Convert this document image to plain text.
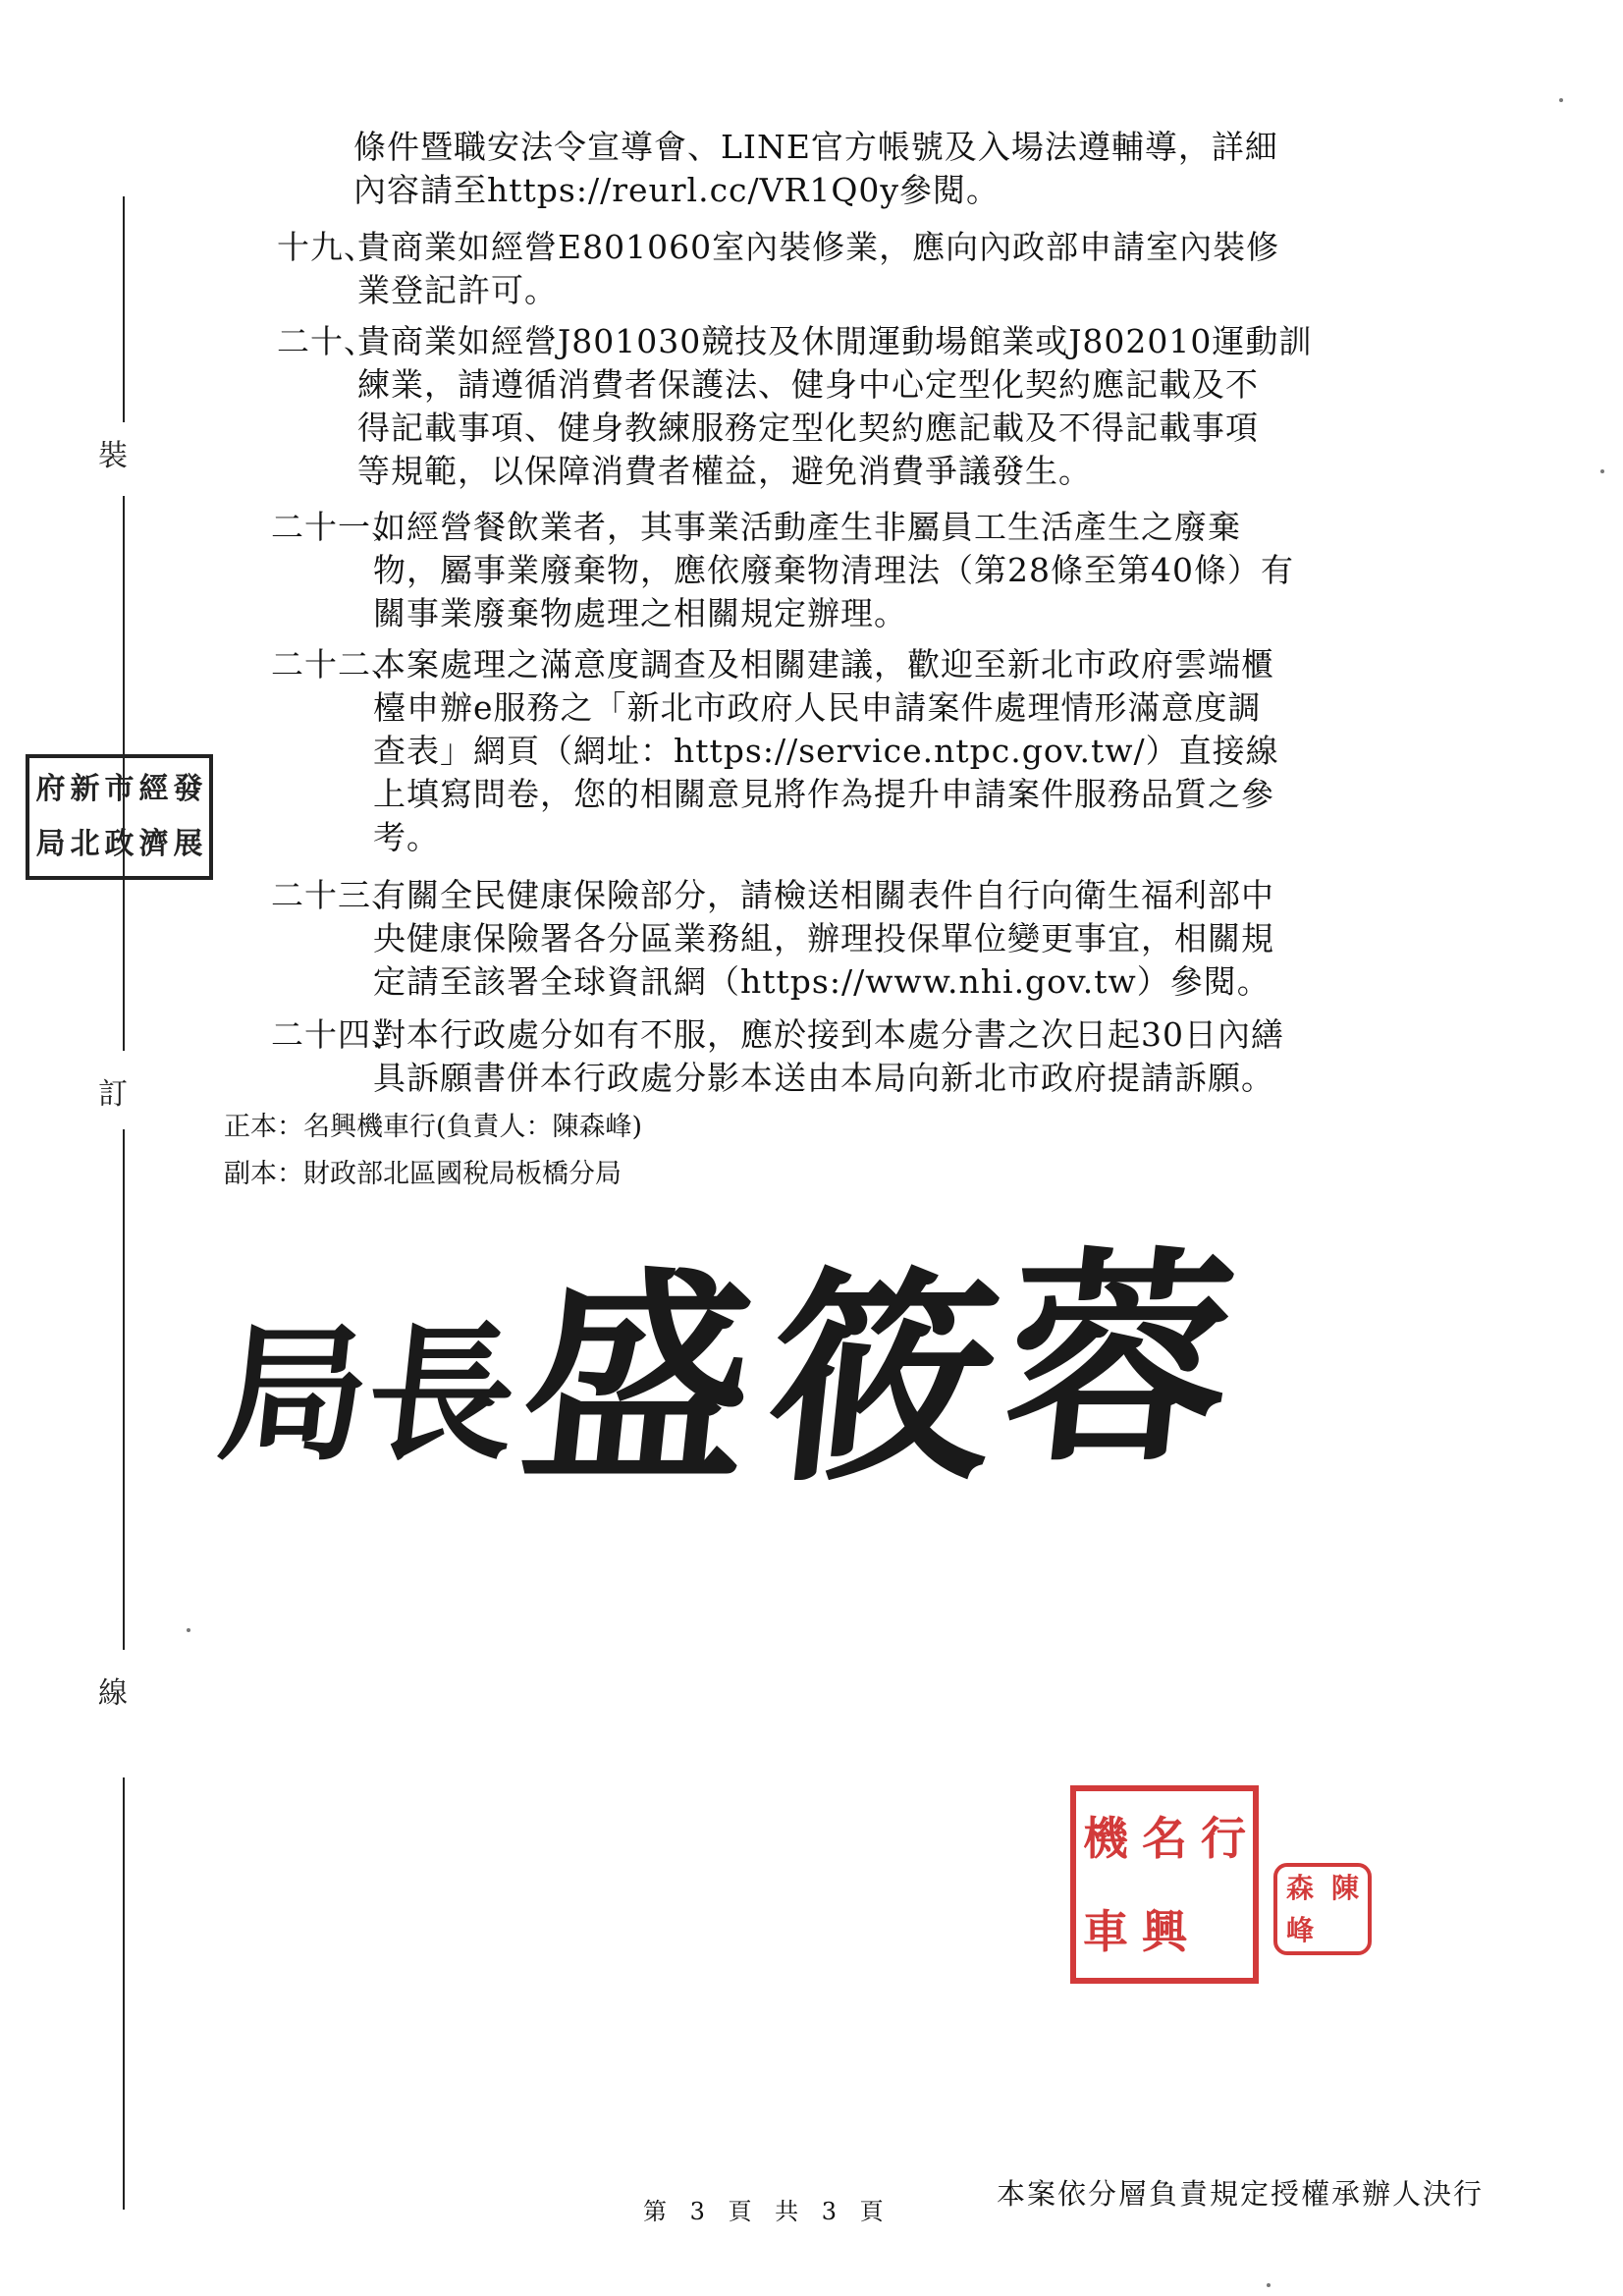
裝
訂
線
府
局
新
北
市
政
經
濟
發
展
條件暨職安法令宣導會、LINE官方帳號及入場法遵輔導，詳細
內容請至https://reurl.cc/VR1Q0y參閱。
十九、
貴商業如經營E801060室內裝修業，應向內政部申請室內裝修
業登記許可。
二十、
貴商業如經營J801030競技及休閒運動場館業或J802010運動訓
練業，請遵循消費者保護法、健身中心定型化契約應記載及不
得記載事項、健身教練服務定型化契約應記載及不得記載事項
等規範，以保障消費者權益，避免消費爭議發生。
二十一、
如經營餐飲業者，其事業活動產生非屬員工生活產生之廢棄
物，屬事業廢棄物，應依廢棄物清理法（第28條至第40條）有
關事業廢棄物處理之相關規定辦理。
二十二、
本案處理之滿意度調查及相關建議，歡迎至新北市政府雲端櫃
檯申辦e服務之「新北市政府人民申請案件處理情形滿意度調
查表」網頁（網址：https://service.ntpc.gov.tw/）直接線
上填寫問卷，您的相關意見將作為提升申請案件服務品質之參
考。
二十三、
有關全民健康保險部分，請檢送相關表件自行向衛生福利部中
央健康保險署各分區業務組，辦理投保單位變更事宜，相關規
定請至該署全球資訊網（https://www.nhi.gov.tw）參閱。
二十四、
對本行政處分如有不服，應於接到本處分書之次日起30日內繕
具訴願書併本行政處分影本送由本局向新北市政府提請訴願。
正本：名興機車行(負責人：陳森峰)
副本：財政部北區國稅局板橋分局
局長
盛
筱
蓉
機
車
名
興
行
森 陳
峰
本案依分層負責規定授權承辦人決行
第 3 頁 共 3 頁
